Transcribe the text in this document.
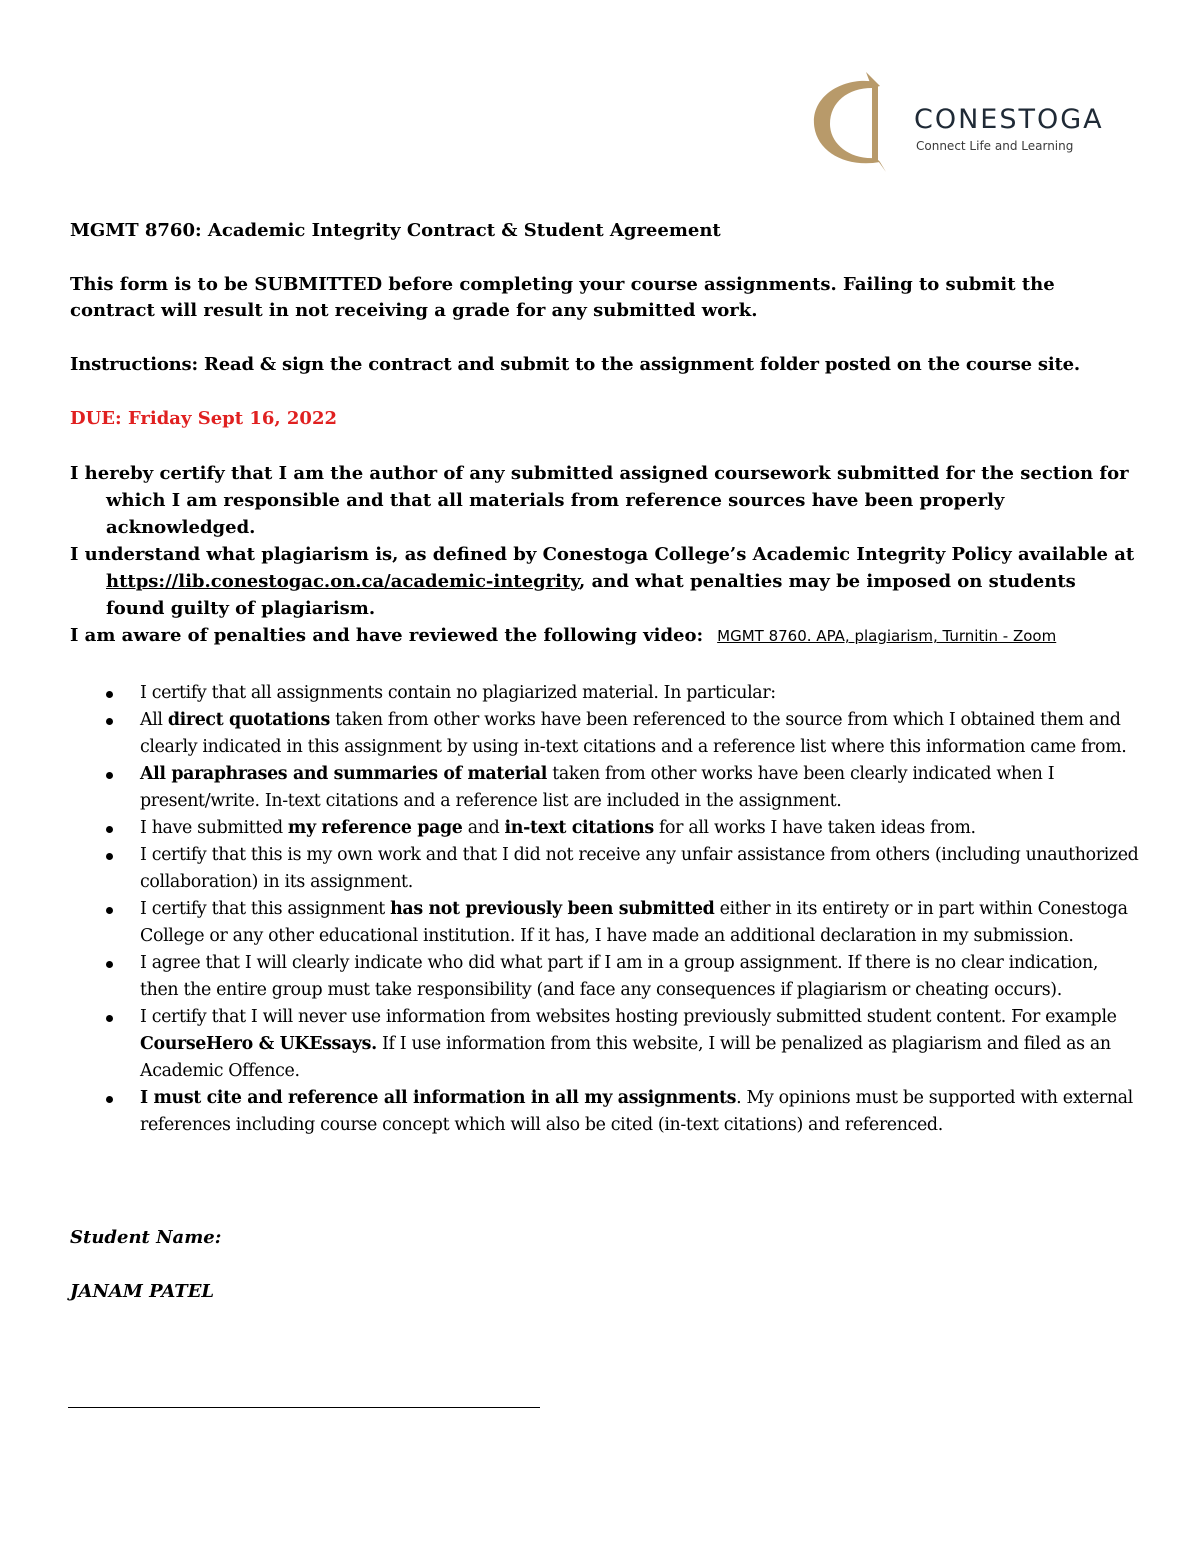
CONESTOGA
Connect Life and Learning

MGMT 8760: Academic Integrity Contract & Student Agreement

This form is to be SUBMITTED before completing your course assignments. Failing to submit the contract will result in not receiving a grade for any submitted work.

Instructions: Read & sign the contract and submit to the assignment folder posted on the course site.

DUE: Friday Sept 16, 2022

I hereby certify that I am the author of any submitted assigned coursework submitted for the section for which I am responsible and that all materials from reference sources have been properly acknowledged.

I understand what plagiarism is, as defined by Conestoga College’s Academic Integrity Policy available at https://lib.conestogac.on.ca/academic-integrity, and what penalties may be imposed on students found guilty of plagiarism.

I am aware of penalties and have reviewed the following video: MGMT 8760. APA, plagiarism, Turnitin - Zoom

I certify that all assignments contain no plagiarized material. In particular:
All direct quotations taken from other works have been referenced to the source from which I obtained them and clearly indicated in this assignment by using in-text citations and a reference list where this information came from.
All paraphrases and summaries of material taken from other works have been clearly indicated when I present/write. In-text citations and a reference list are included in the assignment.
I have submitted my reference page and in-text citations for all works I have taken ideas from.
I certify that this is my own work and that I did not receive any unfair assistance from others (including unauthorized collaboration) in its assignment.
I certify that this assignment has not previously been submitted either in its entirety or in part within Conestoga College or any other educational institution. If it has, I have made an additional declaration in my submission.
I agree that I will clearly indicate who did what part if I am in a group assignment. If there is no clear indication, then the entire group must take responsibility (and face any consequences if plagiarism or cheating occurs).
I certify that I will never use information from websites hosting previously submitted student content. For example CourseHero & UKEssays. If I use information from this website, I will be penalized as plagiarism and filed as an Academic Offence.
I must cite and reference all information in all my assignments. My opinions must be supported with external references including course concept which will also be cited (in-text citations) and referenced.

Student Name:

JANAM PATEL
